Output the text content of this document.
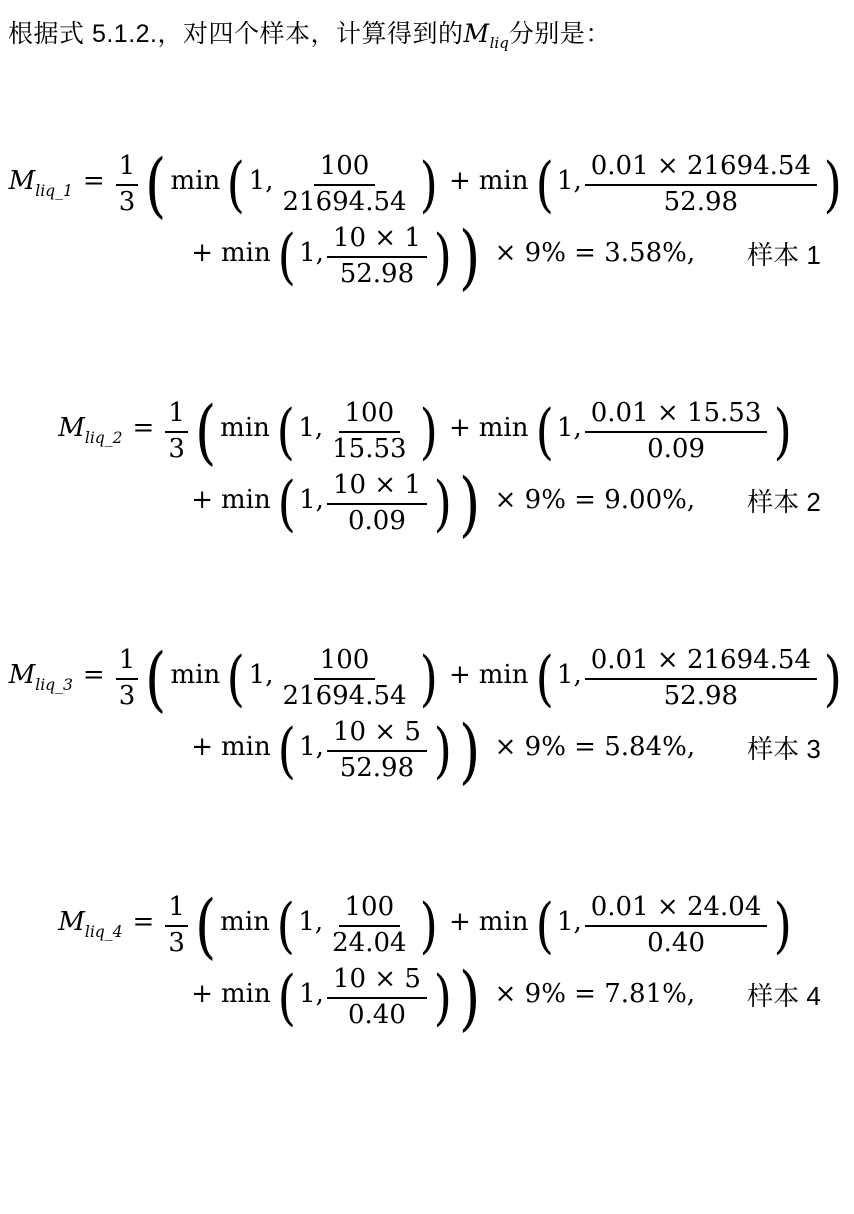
根据式 5.1.2.，对四个样本，计算得到的$M_{liq}$分别是：
$M_{liq\_1} = \frac{1}{3}$ ( min ( 1, $\frac{100}{21694.54}$ ) + min ( 1, $\frac{0.01 \times 21694.54}{52.98}$ )
+ min ( 1, $\frac{10 \times 1}{52.98}$ ) ) × 9% = 3.58%, 样本 1
$M_{liq\_2} = \frac{1}{3}$ ( min ( 1, $\frac{100}{15.53}$ ) + min ( 1, $\frac{0.01 \times 15.53}{0.09}$ )
+ min ( 1, $\frac{10 \times 1}{0.09}$ ) ) × 9% = 9.00%, 样本 2
$M_{liq\_3} = \frac{1}{3}$ ( min ( 1, $\frac{100}{21694.54}$ ) + min ( 1, $\frac{0.01 \times 21694.54}{52.98}$ )
+ min ( 1, $\frac{10 \times 5}{52.98}$ ) ) × 9% = 5.84%, 样本 3
$M_{liq\_4} = \frac{1}{3}$ ( min ( 1, $\frac{100}{24.04}$ ) + min ( 1, $\frac{0.01 \times 24.04}{0.40}$ )
+ min ( 1, $\frac{10 \times 5}{0.40}$ ) ) × 9% = 7.81%, 样本 4
